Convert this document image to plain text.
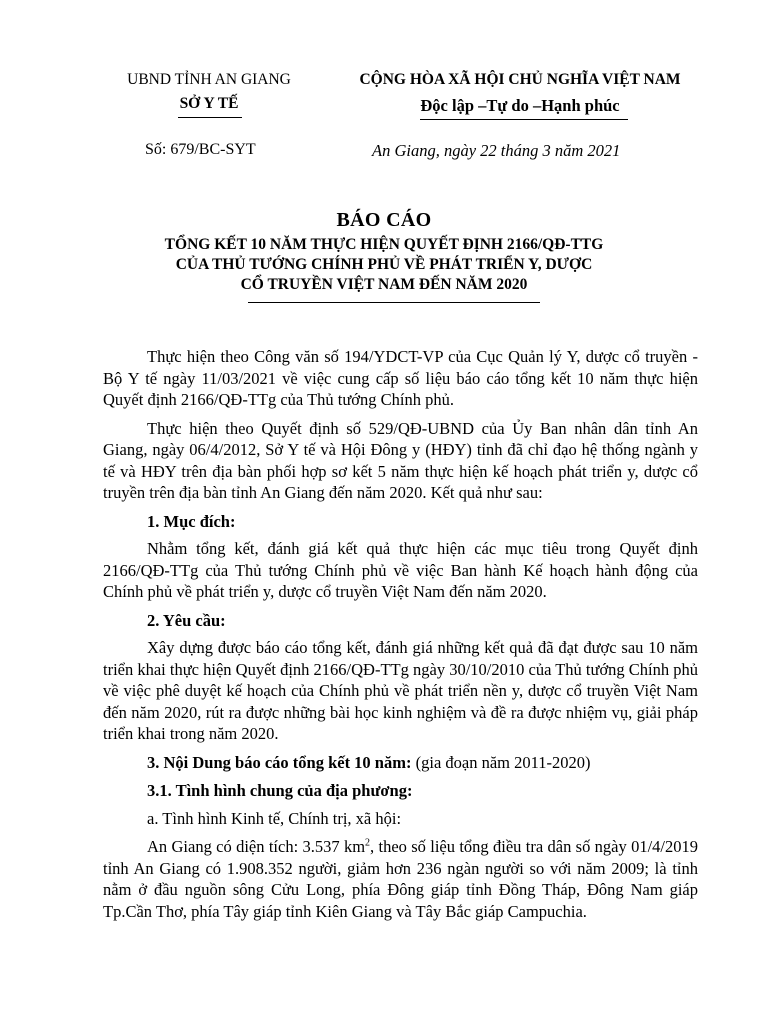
UBND TỈNH AN GIANG
SỞ Y TẾ
CỘNG HÒA XÃ HỘI CHỦ NGHĨA VIỆT NAM
Độc lập –Tự do –Hạnh phúc
Số: 679/BC-SYT	An Giang, ngày 22 tháng 3 năm 2021
BÁO CÁO
TỔNG KẾT 10 NĂM THỰC HIỆN QUYẾT ĐỊNH 2166/QĐ-TTG
CỦA THỦ TƯỚNG CHÍNH PHỦ VỀ PHÁT TRIỂN Y, DƯỢC
CỔ TRUYỀN VIỆT NAM ĐẾN NĂM 2020

Thực hiện theo Công văn số 194/YDCT-VP của Cục Quản lý Y, dược cổ truyền - Bộ Y tế ngày 11/03/2021 về việc cung cấp số liệu báo cáo tổng kết 10 năm thực hiện Quyết định 2166/QĐ-TTg của Thủ tướng Chính phủ.

Thực hiện theo Quyết định số 529/QĐ-UBND của Ủy Ban nhân dân tỉnh An Giang, ngày 06/4/2012, Sở Y tế và Hội Đông y (HĐY) tỉnh đã chỉ đạo hệ thống ngành y tế và HĐY trên địa bàn phối hợp sơ kết 5 năm thực hiện kế hoạch phát triển y, dược cổ truyền trên địa bàn tỉnh An Giang đến năm 2020. Kết quả như sau:

1. Mục đích:

Nhằm tổng kết, đánh giá kết quả thực hiện các mục tiêu trong Quyết định 2166/QĐ-TTg của Thủ tướng Chính phủ về việc Ban hành Kế hoạch hành động của Chính phủ về phát triển y, dược cổ truyền Việt Nam đến năm 2020.

2. Yêu cầu:

Xây dựng được báo cáo tổng kết, đánh giá những kết quả đã đạt được sau 10 năm triển khai thực hiện Quyết định 2166/QĐ-TTg ngày 30/10/2010 của Thủ tướng Chính phủ về việc phê duyệt kế hoạch của Chính phủ về phát triển nền y, dược cổ truyền Việt Nam đến năm 2020, rút ra được những bài học kinh nghiệm và đề ra được nhiệm vụ, giải pháp triển khai trong năm 2020.

3. Nội Dung báo cáo tổng kết 10 năm: (gia đoạn năm 2011-2020)

3.1. Tình hình chung của địa phương:

a. Tình hình Kinh tế, Chính trị, xã hội:

An Giang có diện tích: 3.537 $km^2$, theo số liệu tổng điều tra dân số ngày 01/4/2019 tỉnh An Giang có 1.908.352 người, giảm hơn 236 ngàn người so với năm 2009; là tỉnh nằm ở đầu nguồn sông Cửu Long, phía Đông giáp tỉnh Đồng Tháp, Đông Nam giáp Tp.Cần Thơ, phía Tây giáp tỉnh Kiên Giang và Tây Bắc giáp Campuchia.
